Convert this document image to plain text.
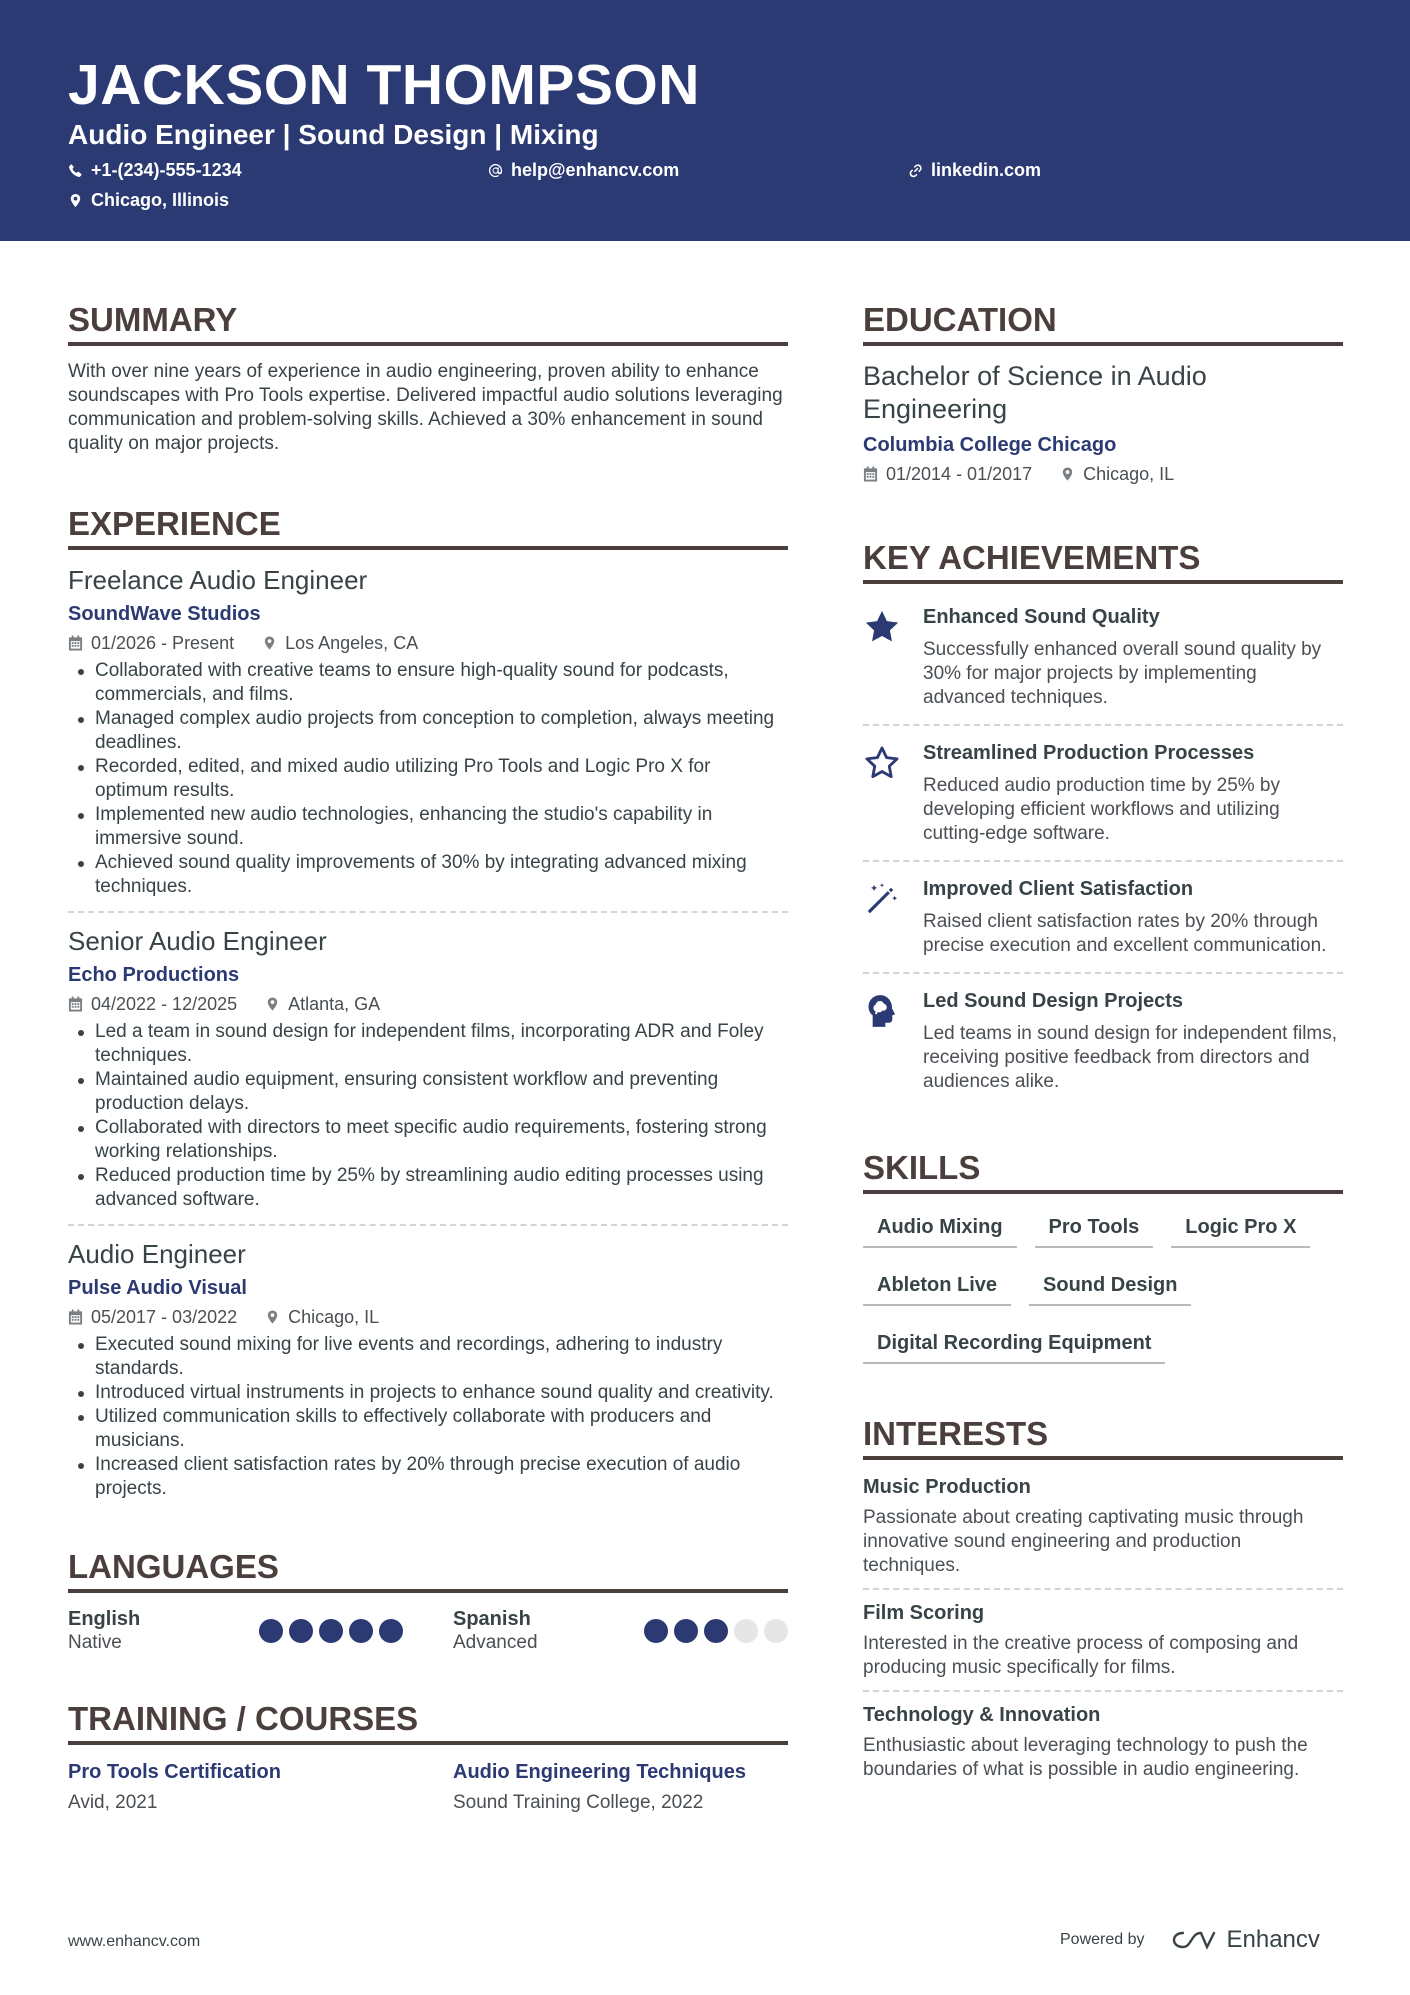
JACKSON THOMPSON
Audio Engineer | Sound Design | Mixing
+1-(234)-555-1234	help@enhancv.com	linkedin.com
Chicago, Illinois
SUMMARY

With over nine years of experience in audio engineering, proven ability to enhance soundscapes with Pro Tools expertise. Delivered impactful audio solutions leveraging communication and problem-solving skills. Achieved a 30% enhancement in sound quality on major projects.

EXPERIENCE
Freelance Audio Engineer
SoundWave Studios
01/2026 - Present	Los Angeles, CA
Collaborated with creative teams to ensure high-quality sound for podcasts, commercials, and films.
Managed complex audio projects from conception to completion, always meeting deadlines.
Recorded, edited, and mixed audio utilizing Pro Tools and Logic Pro X for optimum results.
Implemented new audio technologies, enhancing the studio's capability in immersive sound.
Achieved sound quality improvements of 30% by integrating advanced mixing techniques.
Senior Audio Engineer
Echo Productions
04/2022 - 12/2025	Atlanta, GA
Led a team in sound design for independent films, incorporating ADR and Foley techniques.
Maintained audio equipment, ensuring consistent workflow and preventing production delays.
Collaborated with directors to meet specific audio requirements, fostering strong working relationships.
Reduced production time by 25% by streamlining audio editing processes using advanced software.
Audio Engineer
Pulse Audio Visual
05/2017 - 03/2022	Chicago, IL
Executed sound mixing for live events and recordings, adhering to industry standards.
Introduced virtual instruments in projects to enhance sound quality and creativity.
Utilized communication skills to effectively collaborate with producers and musicians.
Increased client satisfaction rates by 20% through precise execution of audio projects.
LANGUAGES
English
Native
Spanish
Advanced
TRAINING / COURSES
Pro Tools Certification
Avid, 2021
Audio Engineering Techniques
Sound Training College, 2022
EDUCATION
Bachelor of Science in Audio Engineering
Columbia College Chicago
01/2014 - 01/2017	Chicago, IL
KEY ACHIEVEMENTS
Enhanced Sound Quality
Successfully enhanced overall sound quality by 30% for major projects by implementing advanced techniques.
Streamlined Production Processes
Reduced audio production time by 25% by developing efficient workflows and utilizing cutting-edge software.
Improved Client Satisfaction
Raised client satisfaction rates by 20% through precise execution and excellent communication.
Led Sound Design Projects
Led teams in sound design for independent films, receiving positive feedback from directors and audiences alike.
SKILLS
Audio Mixing	Pro Tools	Logic Pro X
Ableton Live	Sound Design
Digital Recording Equipment
INTERESTS
Music Production
Passionate about creating captivating music through innovative sound engineering and production techniques.
Film Scoring
Interested in the creative process of composing and producing music specifically for films.
Technology & Innovation
Enthusiastic about leveraging technology to push the boundaries of what is possible in audio engineering.
www.enhancv.com	Powered by	Enhancv
